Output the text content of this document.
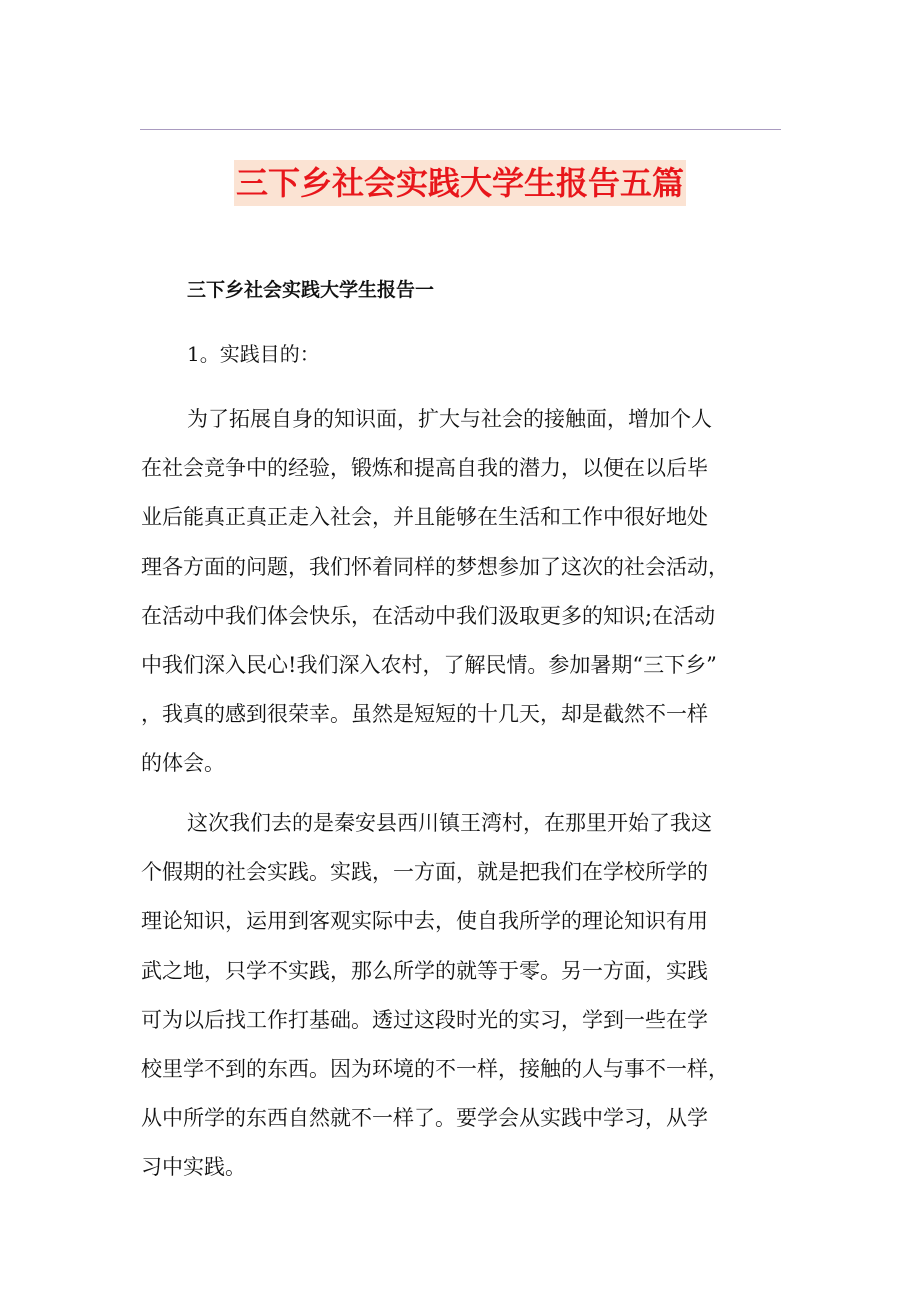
三下乡社会实践大学生报告五篇
三下乡社会实践大学生报告一
1。实践目的：

为了拓展自身的知识面，扩大与社会的接触面，增加个人
在社会竞争中的经验，锻炼和提高自我的潜力，以便在以后毕
业后能真正真正走入社会，并且能够在生活和工作中很好地处
理各方面的问题，我们怀着同样的梦想参加了这次的社会活动，
在活动中我们体会快乐，在活动中我们汲取更多的知识;在活动
中我们深入民心!我们深入农村，了解民情。参加暑期“三下乡”
，我真的感到很荣幸。虽然是短短的十几天，却是截然不一样
的体会。

这次我们去的是秦安县西川镇王湾村，在那里开始了我这
个假期的社会实践。实践，一方面，就是把我们在学校所学的
理论知识，运用到客观实际中去，使自我所学的理论知识有用
武之地，只学不实践，那么所学的就等于零。另一方面，实践
可为以后找工作打基础。透过这段时光的实习，学到一些在学
校里学不到的东西。因为环境的不一样，接触的人与事不一样，
从中所学的东西自然就不一样了。要学会从实践中学习，从学
习中实践。
